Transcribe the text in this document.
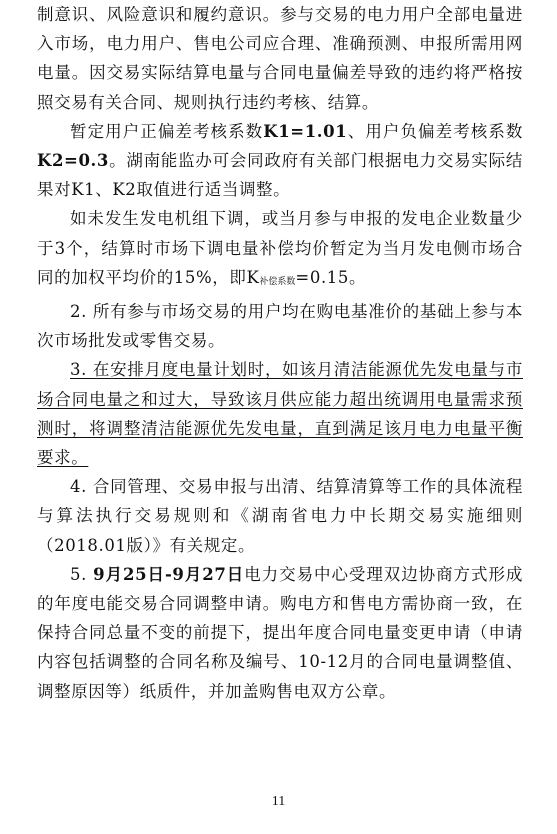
制意识、风险意识和履约意识。参与交易的电力用户全部电量进入市场，电力用户、售电公司应合理、准确预测、申报所需用网电量。因交易实际结算电量与合同电量偏差导致的违约将严格按照交易有关合同、规则执行违约考核、结算。

暂定用户正偏差考核系数K1=1.01、用户负偏差考核系数K2=0.3。湖南能监办可会同政府有关部门根据电力交易实际结果对K1、K2取值进行适当调整。

如未发生发电机组下调，或当月参与申报的发电企业数量少于3个，结算时市场下调电量补偿均价暂定为当月发电侧市场合同的加权平均价的15%，即K补偿系数=0.15。

2. 所有参与市场交易的用户均在购电基准价的基础上参与本次市场批发或零售交易。

3. 在安排月度电量计划时，如该月清洁能源优先发电量与市场合同电量之和过大，导致该月供应能力超出统调用电量需求预测时，将调整清洁能源优先发电量，直到满足该月电力电量平衡要求。

4. 合同管理、交易申报与出清、结算清算等工作的具体流程与算法执行交易规则和《湖南省电力中长期交易实施细则（2018.01版）》有关规定。

5. 9月25日-9月27日电力交易中心受理双边协商方式形成的年度电能交易合同调整申请。购电方和售电方需协商一致，在保持合同总量不变的前提下，提出年度合同电量变更申请（申请内容包括调整的合同名称及编号、10-12月的合同电量调整值、调整原因等）纸质件，并加盖购售电双方公章。

11
